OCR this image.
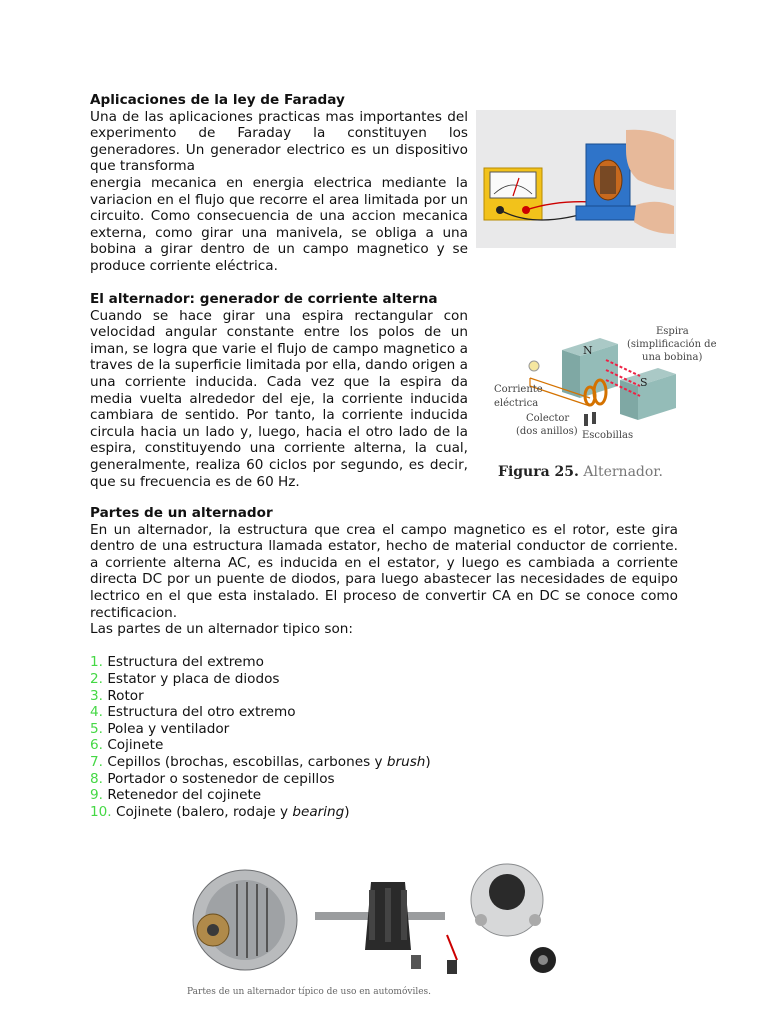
Aplicaciones de la ley de Faraday

Una de las aplicaciones practicas mas importantes del experimento de Faraday la constituyen los generadores. Un generador electrico es un dispositivo que transforma

energia mecanica en energia electrica mediante la variacion en el flujo que recorre el area limitada por un circuito. Como consecuencia de una accion mecanica externa, como girar una manivela, se obliga a una bobina a girar dentro de un campo magnetico y se produce corriente eléctrica.

El alternador: generador de corriente alterna

Cuando se hace girar una espira rectangular con velocidad angular constante entre los polos de un iman, se logra que varie el flujo de campo magnetico a traves de la superficie limitada por ella, dando origen a una corriente inducida. Cada vez que la espira da media vuelta alrededor del eje, la corriente inducida cambiara de sentido. Por tanto, la corriente inducida circula hacia un lado y, luego, hacia el otro lado de la espira, constituyendo una corriente alterna, la cual, generalmente, realiza 60 ciclos por segundo, es decir, que su frecuencia es de 60 Hz.

N
S
Espira
(simplificación de
una bobina)
Corriente
eléctrica
Colector
(dos anillos) Escobillas
Figura 25. Alternador.
Partes de un alternador

En un alternador, la estructura que crea el campo magnetico es el rotor, este gira dentro de una estructura llamada estator, hecho de material conductor de corriente. a corriente alterna AC, es inducida en el estator, y luego es cambiada a corriente directa DC por un puente de diodos, para luego abastecer las necesidades de equipo lectrico en el que esta instalado. El proceso de convertir CA en DC se conoce como rectificacion.

Las partes de un alternador tipico son:
1. Estructura del extremo
2. Estator y placa de diodos
3. Rotor
4. Estructura del otro extremo
5. Polea y ventilador
6. Cojinete
7. Cepillos (brochas, escobillas, carbones y brush)
8. Portador o sostenedor de cepillos
9. Retenedor del cojinete
10. Cojinete (balero, rodaje y bearing)
Partes de un alternador típico de uso en automóviles.
